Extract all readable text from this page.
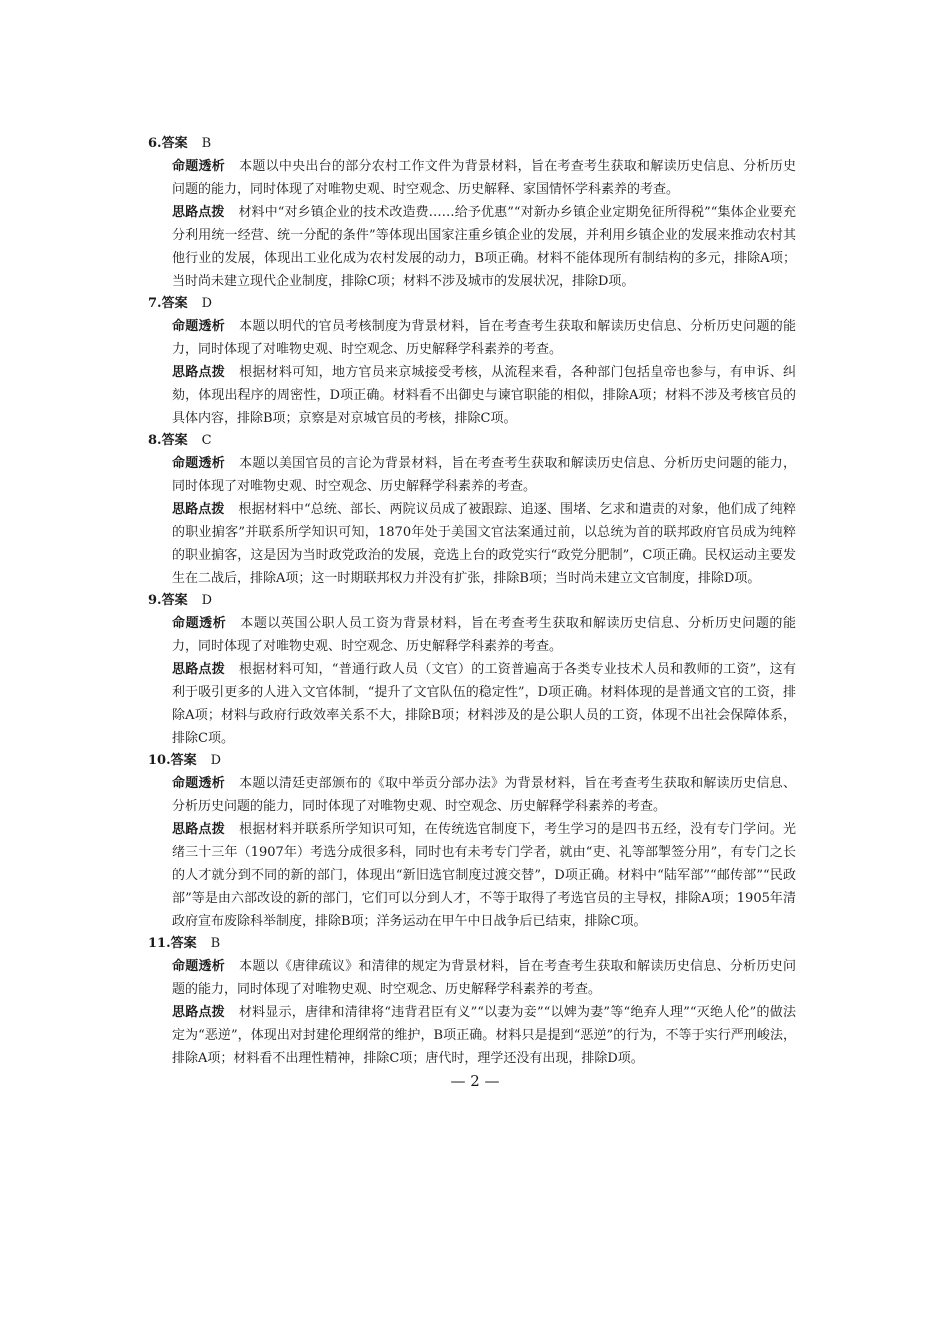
6.答案 B
命题透析 本题以中央出台的部分农村工作文件为背景材料，旨在考查考生获取和解读历史信息、分析历史问题的能力，同时体现了对唯物史观、时空观念、历史解释、家国情怀学科素养的考查。
思路点拨 材料中“对乡镇企业的技术改造费……给予优惠”“对新办乡镇企业定期免征所得税”“集体企业要充分利用统一经营、统一分配的条件”等体现出国家注重乡镇企业的发展，并利用乡镇企业的发展来推动农村其他行业的发展，体现出工业化成为农村发展的动力，B项正确。材料不能体现所有制结构的多元，排除A项；当时尚未建立现代企业制度，排除C项；材料不涉及城市的发展状况，排除D项。
7.答案 D
命题透析 本题以明代的官员考核制度为背景材料，旨在考查考生获取和解读历史信息、分析历史问题的能力，同时体现了对唯物史观、时空观念、历史解释学科素养的考查。
思路点拨 根据材料可知，地方官员来京城接受考核，从流程来看，各种部门包括皇帝也参与，有申诉、纠劾，体现出程序的周密性，D项正确。材料看不出御史与谏官职能的相似，排除A项；材料不涉及考核官员的具体内容，排除B项；京察是对京城官员的考核，排除C项。
8.答案 C
命题透析 本题以美国官员的言论为背景材料，旨在考查考生获取和解读历史信息、分析历史问题的能力，同时体现了对唯物史观、时空观念、历史解释学科素养的考查。
思路点拨 根据材料中“总统、部长、两院议员成了被跟踪、追逐、围堵、乞求和遣责的对象，他们成了纯粹的职业掮客”并联系所学知识可知，1870年处于美国文官法案通过前，以总统为首的联邦政府官员成为纯粹的职业掮客，这是因为当时政党政治的发展，竞选上台的政党实行“政党分肥制”，C项正确。民权运动主要发生在二战后，排除A项；这一时期联邦权力并没有扩张，排除B项；当时尚未建立文官制度，排除D项。
9.答案 D
命题透析 本题以英国公职人员工资为背景材料，旨在考查考生获取和解读历史信息、分析历史问题的能力，同时体现了对唯物史观、时空观念、历史解释学科素养的考查。
思路点拨 根据材料可知，“普通行政人员（文官）的工资普遍高于各类专业技术人员和教师的工资”，这有利于吸引更多的人进入文官体制，“提升了文官队伍的稳定性”，D项正确。材料体现的是普通文官的工资，排除A项；材料与政府行政效率关系不大，排除B项；材料涉及的是公职人员的工资，体现不出社会保障体系，排除C项。
10.答案 D
命题透析 本题以清廷吏部颁布的《取中举贡分部办法》为背景材料，旨在考查考生获取和解读历史信息、分析历史问题的能力，同时体现了对唯物史观、时空观念、历史解释学科素养的考查。
思路点拨 根据材料并联系所学知识可知，在传统选官制度下，考生学习的是四书五经，没有专门学问。光绪三十三年（1907年）考选分成很多科，同时也有未考专门学者，就由“吏、礼等部掣签分用”，有专门之长的人才就分到不同的新的部门，体现出“新旧选官制度过渡交替”，D项正确。材料中“陆军部”“邮传部”“民政部”等是由六部改设的新的部门，它们可以分到人才，不等于取得了考选官员的主导权，排除A项；1905年清政府宣布废除科举制度，排除B项；洋务运动在甲午中日战争后已结束，排除C项。
11.答案 B
命题透析 本题以《唐律疏议》和清律的规定为背景材料，旨在考查考生获取和解读历史信息、分析历史问题的能力，同时体现了对唯物史观、时空观念、历史解释学科素养的考查。
思路点拨 材料显示，唐律和清律将“违背君臣有义”“以妻为妾”“以婢为妻”等“绝弃人理”“灭绝人伦”的做法定为“恶逆”，体现出对封建伦理纲常的维护，B项正确。材料只是提到“恶逆”的行为，不等于实行严刑峻法，排除A项；材料看不出理性精神，排除C项；唐代时，理学还没有出现，排除D项。
— 2 —
